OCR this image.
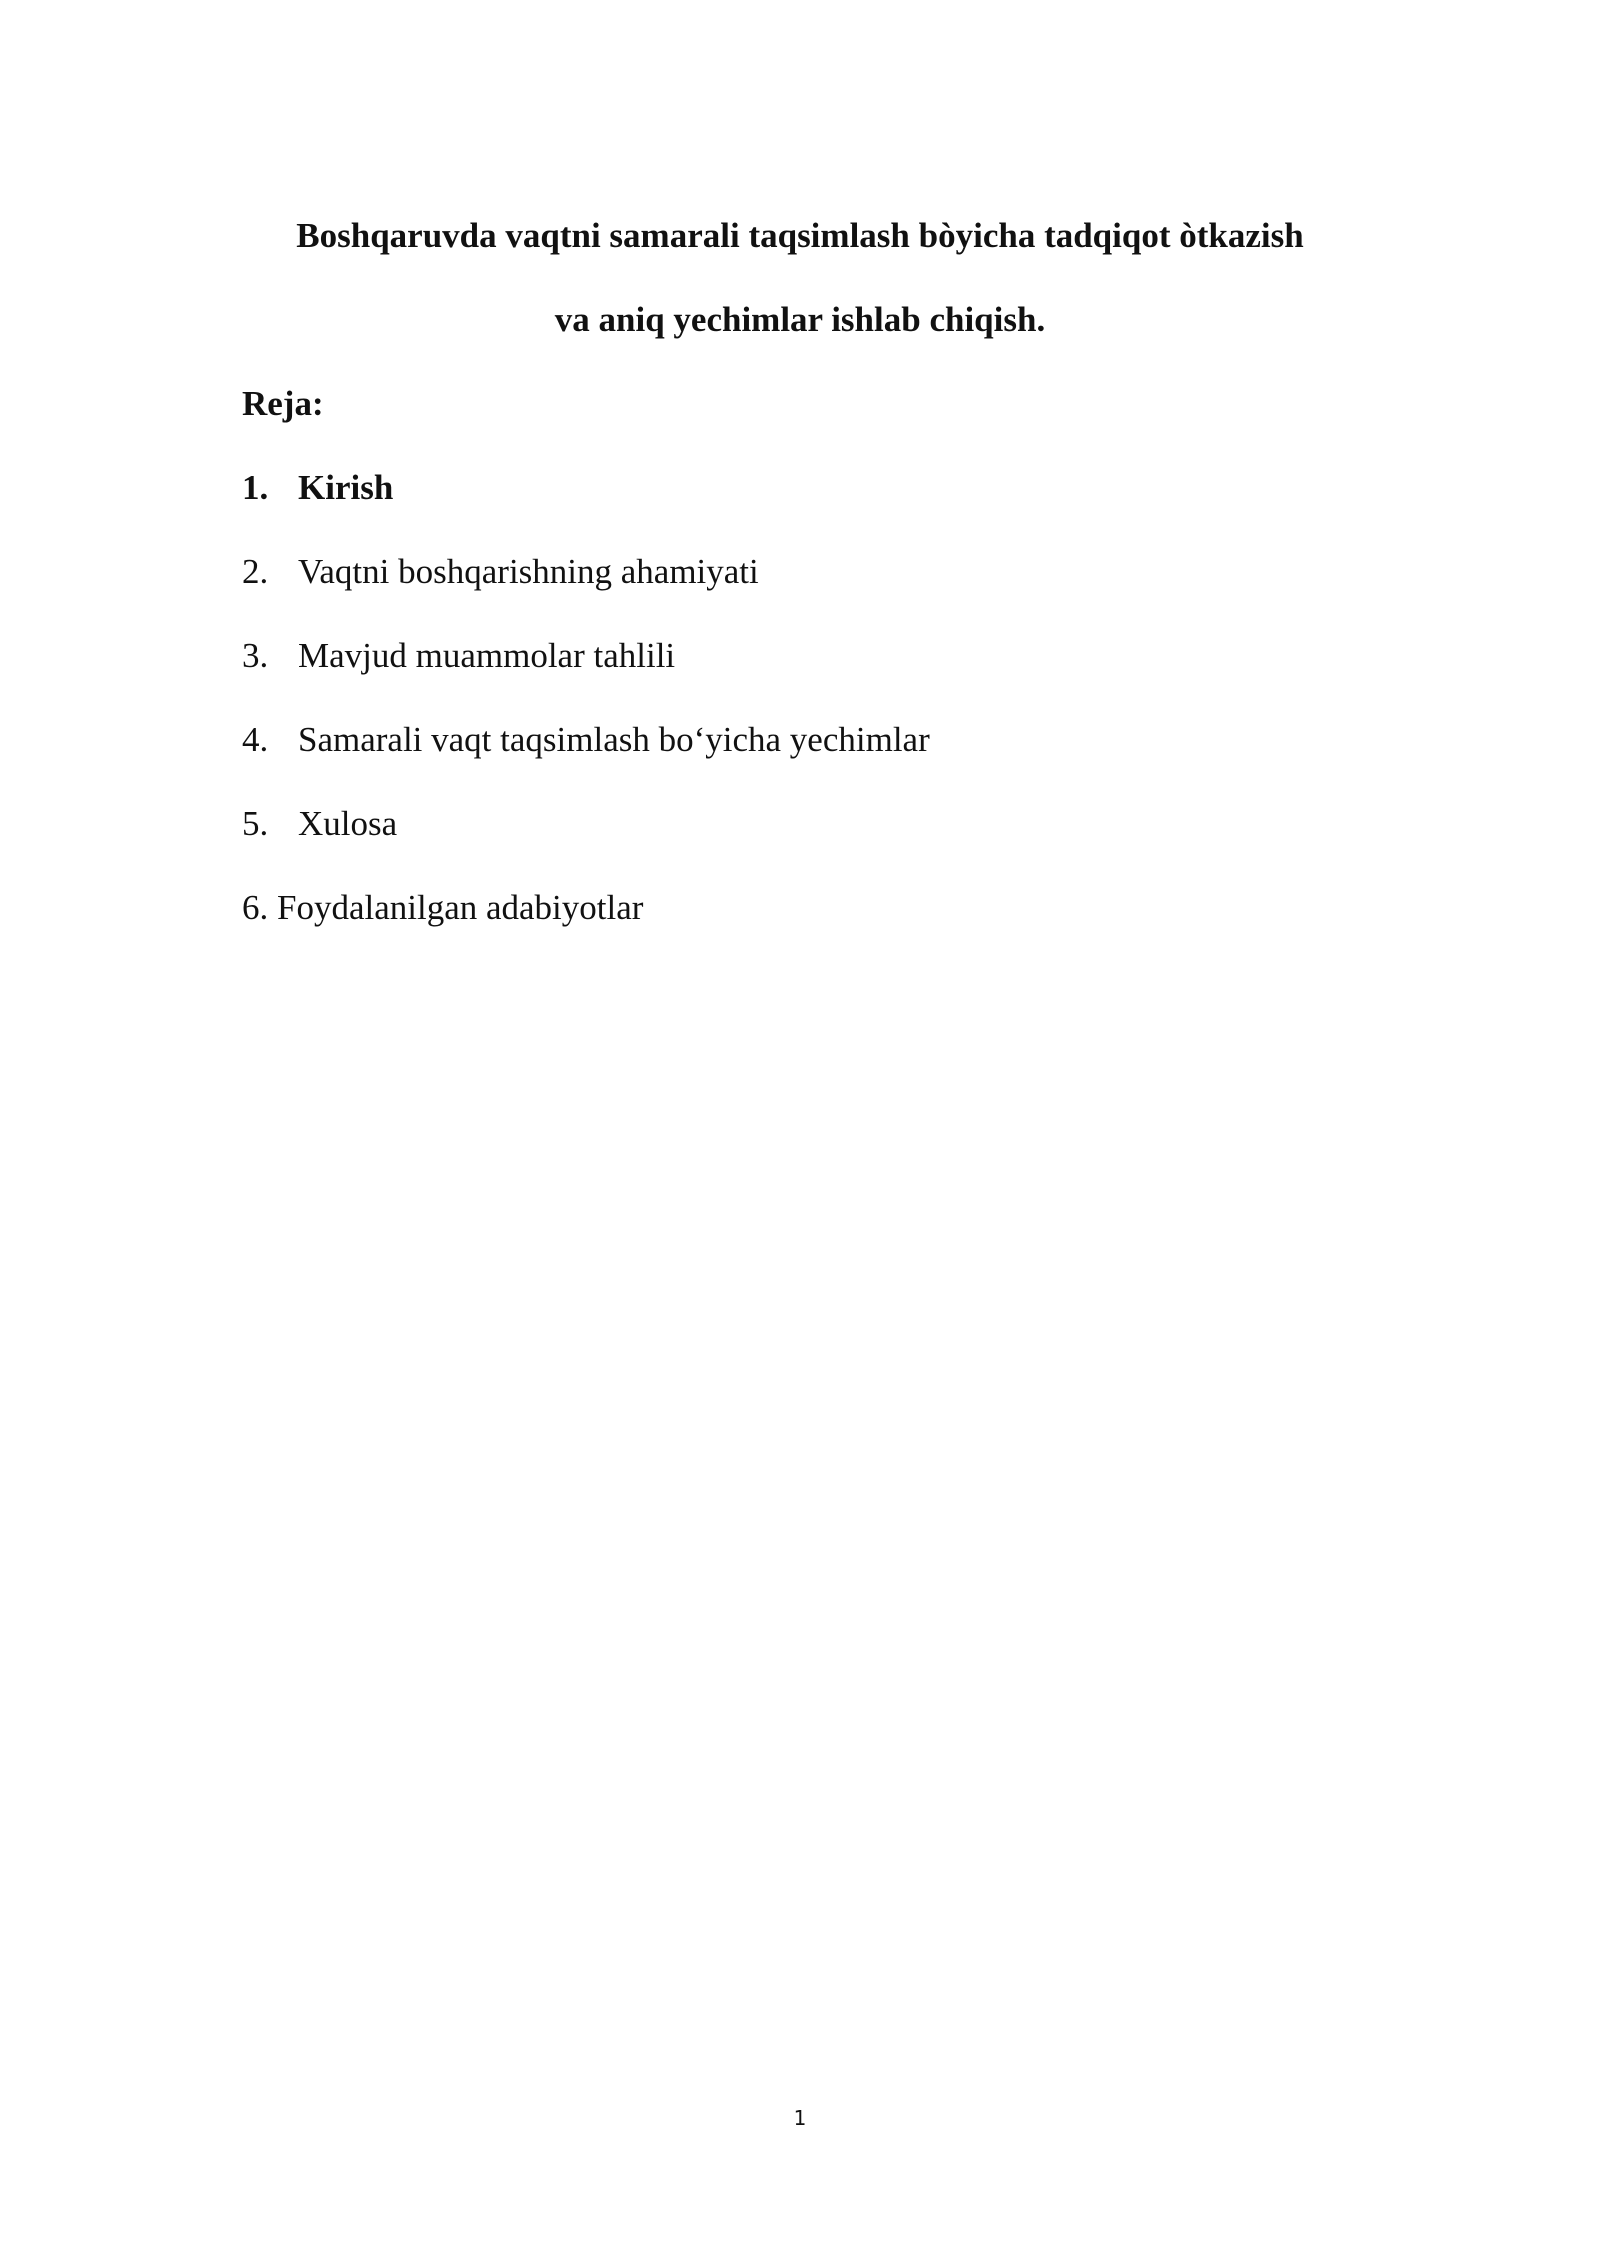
Boshqaruvda vaqtni samarali taqsimlash bòyicha tadqiqot òtkazish
va aniq yechimlar ishlab chiqish.
Reja:
1. Kirish
2. Vaqtni boshqarishning ahamiyati
3. Mavjud muammolar tahlili
4. Samarali vaqt taqsimlash bo‘yicha yechimlar
5. Xulosa
6. Foydalanilgan adabiyotlar
1
